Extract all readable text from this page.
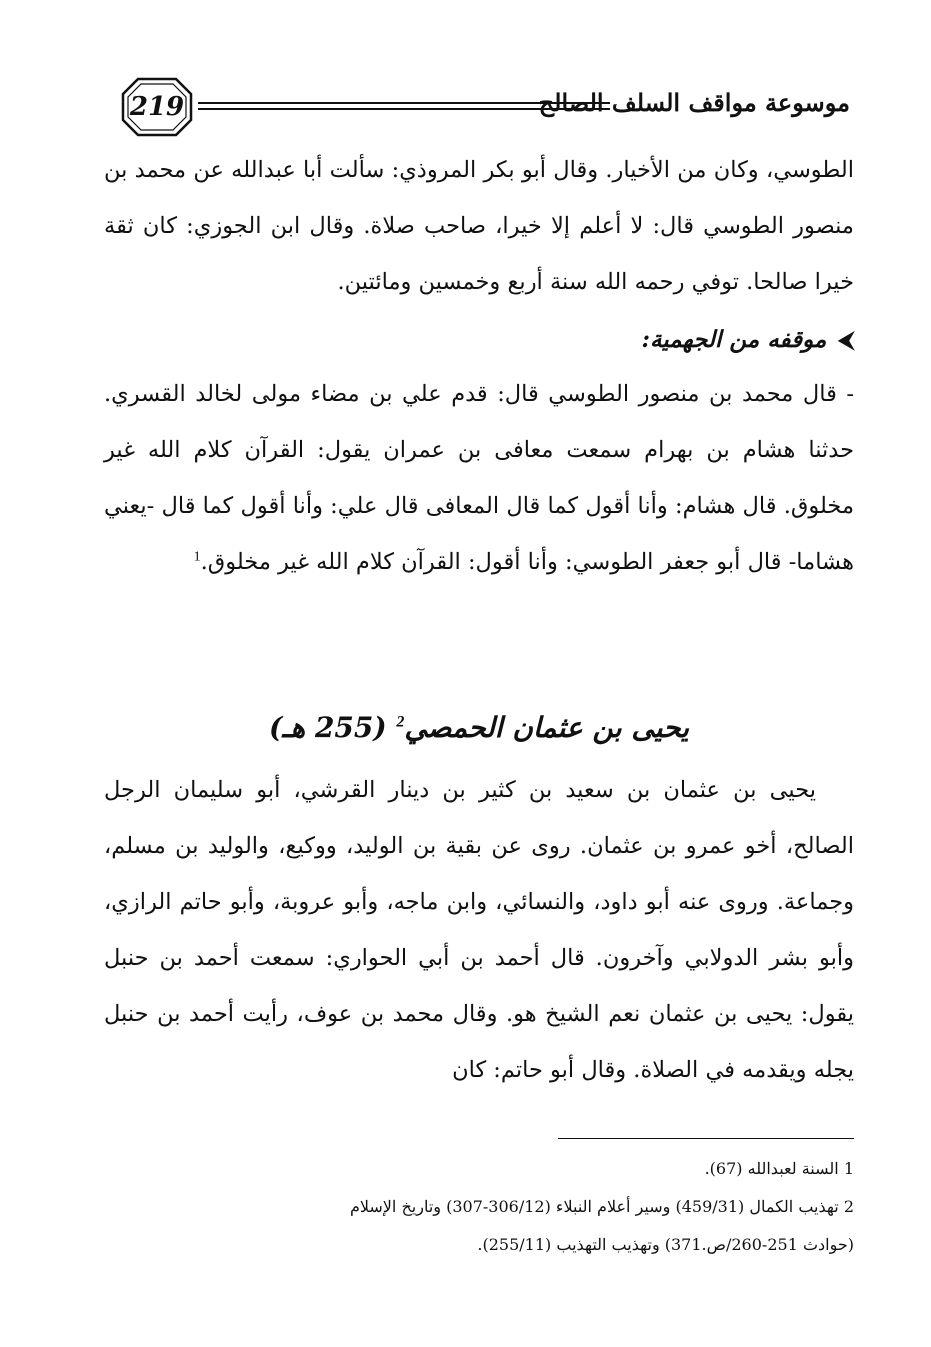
219	موسوعة مواقف السلف الصالح
الطوسي، وكان من الأخيار. وقال أبو بكر المروذي: سألت أبا عبدالله عن محمد بن منصور الطوسي قال: لا أعلم إلا خيرا، صاحب صلاة. وقال ابن الجوزي: كان ثقة خيرا صالحا. توفي رحمه الله سنة أربع وخمسين ومائتين.
⮜موقفه من الجهمية:
- قال محمد بن منصور الطوسي قال: قدم علي بن مضاء مولى لخالد القسري. حدثنا هشام بن بهرام سمعت معافى بن عمران يقول: القرآن كلام الله غير مخلوق. قال هشام: وأنا أقول كما قال المعافى قال علي: وأنا أقول كما قال -يعني هشاما- قال أبو جعفر الطوسي: وأنا أقول: القرآن كلام الله غير مخلوق.$^1$
يحيى بن عثمان الحمصي$^2$ (255 هـ)
يحيى بن عثمان بن سعيد بن كثير بن دينار القرشي، أبو سليمان الرجل الصالح، أخو عمرو بن عثمان. روى عن بقية بن الوليد، ووكيع، والوليد بن مسلم، وجماعة. وروى عنه أبو داود، والنسائي، وابن ماجه، وأبو عروبة، وأبو حاتم الرازي، وأبو بشر الدولابي وآخرون. قال أحمد بن أبي الحواري: سمعت أحمد بن حنبل يقول: يحيى بن عثمان نعم الشيخ هو. وقال محمد بن عوف، رأيت أحمد بن حنبل يجله ويقدمه في الصلاة. وقال أبو حاتم: كان
1 السنة لعبدالله (67).
2 تهذيب الكمال (459/31) وسير أعلام النبلاء (306/12-307) وتاريخ الإسلام
(حوادث 251-260/ص.371) وتهذيب التهذيب (255/11).
